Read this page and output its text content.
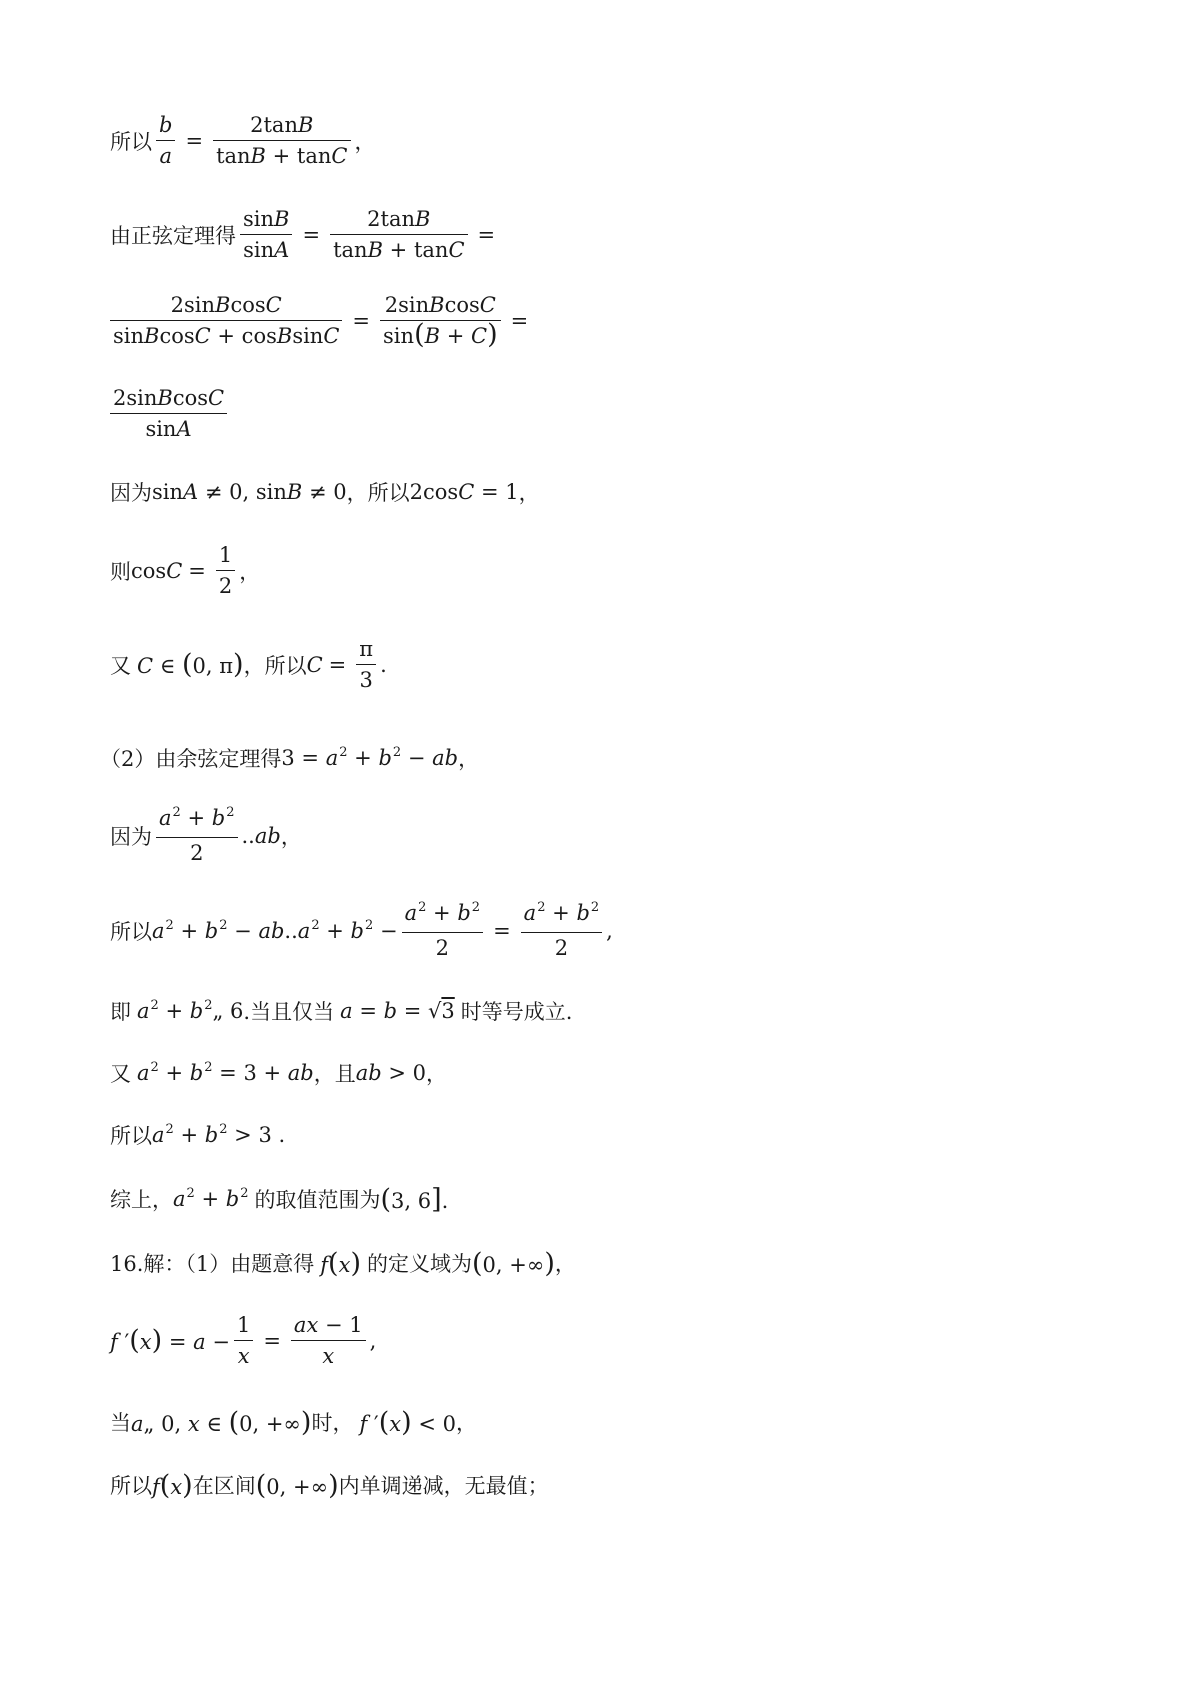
所以 $\frac{b}{a} = \frac{2\tan B}{\tan B + \tan C}$ ，
由正弦定理得 $\frac{\sin B}{\sin A} = \frac{2\tan B}{\tan B + \tan C}$ =
$\frac{\text{2sinBcosC}}{\text{sinBcosC + cosBsinC}} = \frac{\text{2sinBcosC}}{\sin(B + C)}$ =
$\frac{\text{2sinBcosC}}{\sin A}$
因为 sinA ≠ 0, sinB ≠ 0 ， 所以 2cosC = 1 ，
则 $\cos C = \frac{1}{2}$ ，
又 C ∈ (0, π) ， 所以 $C = \frac{\pi}{3}$ .
（2）由余弦定理得 $3 = a^2 + b^2$ − ab ，
因为 $\frac{a^2 + b^2}{2} ..ab$ ，
所以 $a^2 + b^2 - ab..a^2 + b^2 - \frac{a^2 + b^2}{2} = \frac{a^2 + b^2}{2}$ ,
即 $a^2$ + $b^2„$ 6 .当且仅当 a = b = √3 时等号成立.
又 $a^2 + b^2 = 3$ + ab ，且 ab > 0 ，
所以 $a^2 + b^2 > 3$ .
综上， $a^2 + b^2$ 的取值范围为 (3, 6].
16.解：（1）由题意得 f(x) 的定义域为 (0, +∞) ，
f $'(x) = a - \frac{1}{x} = \frac{ax - 1}{x}$ ,
当 a„ 0, x ∈ (0, +∞) 时， f ′(x) < 0 ，
所以 f(x) 在区间 (0, +∞) 内单调递减，无最值；
